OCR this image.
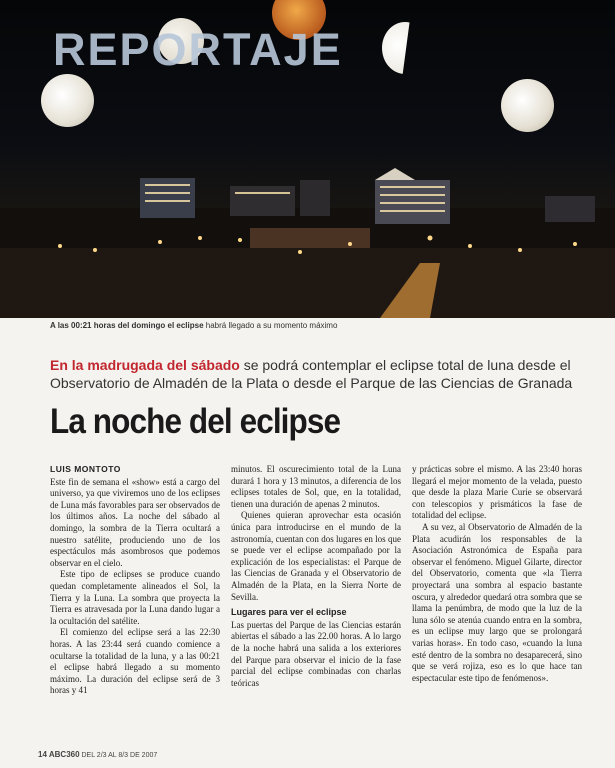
REPORTAJE
A las 00:21 horas del domingo el eclipse habrá llegado a su momento máximo
En la madrugada del sábado se podrá contemplar el eclipse total de luna desde el Observatorio de Almadén de la Plata o desde el Parque de las Ciencias de Granada
La noche del eclipse
LUIS MONTOTO

Este fin de semana el «show» está a cargo del universo, ya que viviremos uno de los eclipses de Luna más favorables para ser observados de los últimos años. La noche del sábado al domingo, la sombra de la Tierra ocultará a nuestro satélite, produciendo uno de los espectáculos más asombrosos que podemos observar en el cielo.

Este tipo de eclipses se produce cuando quedan completamente alineados el Sol, la Tierra y la Luna. La sombra que proyecta la Tierra es atravesada por la Luna dando lugar a la ocultación del satélite.

El comienzo del eclipse será a las 22:30 horas. A las 23:44 será cuando comience a ocultarse la totalidad de la luna, y a las 00:21 el eclipse habrá llegado a su momento máximo. La duración del eclipse será de 3 horas y 41

minutos. El oscurecimiento total de la Luna durará 1 hora y 13 minutos, a diferencia de los eclipses totales de Sol, que, en la totalidad, tienen una duración de apenas 2 minutos.

Quienes quieran aprovechar esta ocasión única para introducirse en el mundo de la astronomía, cuentan con dos lugares en los que se puede ver el eclipse acompañado por la explicación de los especialistas: el Parque de las Ciencias de Granada y el Observatorio de Almadén de la Plata, en la Sierra Norte de Sevilla.

Lugares para ver el eclipse

Las puertas del Parque de las Ciencias estarán abiertas el sábado a las 22.00 horas. A lo largo de la noche habrá una salida a los exteriores del Parque para observar el inicio de la fase parcial del eclipse combinadas con charlas teóricas

y prácticas sobre el mismo. A las 23:40 horas llegará el mejor momento de la velada, puesto que desde la plaza Marie Curie se observará con telescopios y prismáticos la fase de totalidad del eclipse.

A su vez, al Observatorio de Almadén de la Plata acudirán los responsables de la Asociación Astronómica de España para observar el fenómeno. Miguel Gilarte, director del Observatorio, comenta que «la Tierra proyectará una sombra al espacio bastante oscura, y alrededor quedará otra sombra que se llama la penúmbra, de modo que la luz de la luna sólo se atenúa cuando entra en la sombra, es un eclipse muy largo que se prolongará varias horas». En todo caso, «cuando la luna esté dentro de la sombra no desaparecerá, sino que se verá rojiza, eso es lo que hace tan espectacular este tipo de fenómenos».

14 ABC360 DEL 2/3 AL 8/3 DE 2007
